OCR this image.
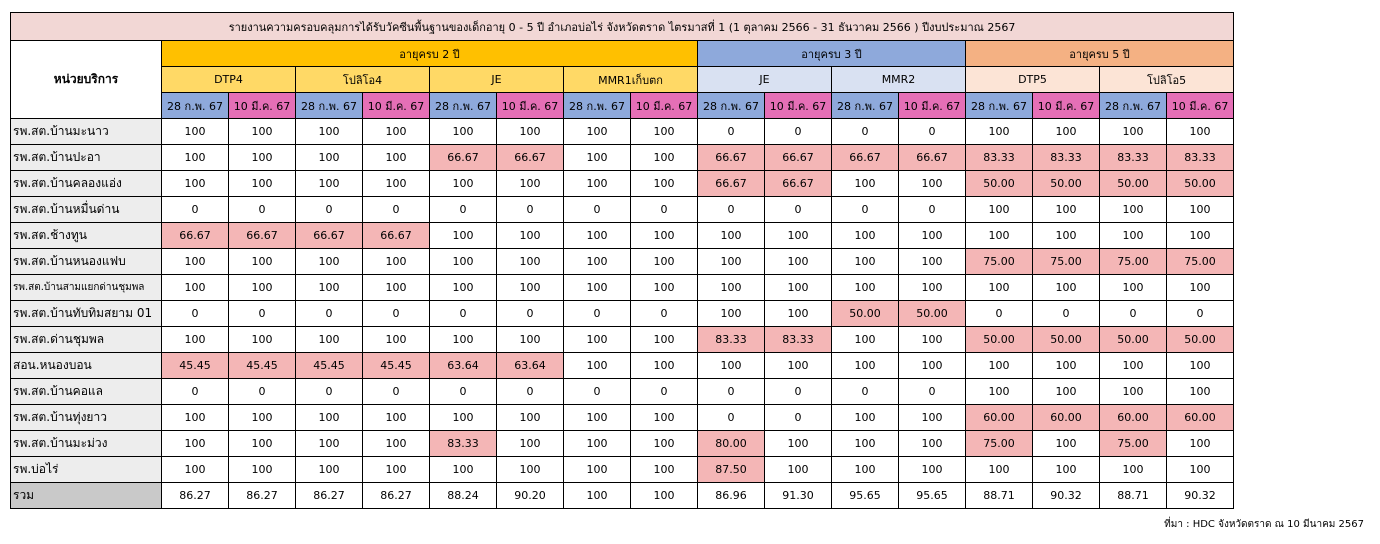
รายงานความครอบคลุมการได้รับวัคซีนพื้นฐานของเด็กอายุ 0 - 5 ปี อำเภอบ่อไร่ จังหวัดตราด ไตรมาสที่ 1 (1 ตุลาคม 2566 - 31 ธันวาคม 2566 ) ปีงบประมาณ 2567																
หน่วยบริการ	อายุครบ 2 ปี								อายุครบ 3 ปี				อายุครบ 5 ปี			
	DTP4		โปลิโอ4		JE		MMR1เก็บตก		JE		MMR2		DTP5		โปลิโอ5	
	28 ก.พ. 67	10 มี.ค. 67	28 ก.พ. 67	10 มี.ค. 67	28 ก.พ. 67	10 มี.ค. 67	28 ก.พ. 67	10 มี.ค. 67	28 ก.พ. 67	10 มี.ค. 67	28 ก.พ. 67	10 มี.ค. 67	28 ก.พ. 67	10 มี.ค. 67	28 ก.พ. 67	10 มี.ค. 67
รพ.สต.บ้านมะนาว	100	100	100	100	100	100	100	100	0	0	0	0	100	100	100	100
รพ.สต.บ้านปะอา	100	100	100	100	66.67	66.67	100	100	66.67	66.67	66.67	66.67	83.33	83.33	83.33	83.33
รพ.สต.บ้านคลองแอ่ง	100	100	100	100	100	100	100	100	66.67	66.67	100	100	50.00	50.00	50.00	50.00
รพ.สต.บ้านหมื่นด่าน	0	0	0	0	0	0	0	0	0	0	0	0	100	100	100	100
รพ.สต.ช้างทูน	66.67	66.67	66.67	66.67	100	100	100	100	100	100	100	100	100	100	100	100
รพ.สต.บ้านหนองแฟบ	100	100	100	100	100	100	100	100	100	100	100	100	75.00	75.00	75.00	75.00
รพ.สต.บ้านสามแยกด่านชุมพล	100	100	100	100	100	100	100	100	100	100	100	100	100	100	100	100
รพ.สต.บ้านทับทิมสยาม 01	0	0	0	0	0	0	0	0	100	100	50.00	50.00	0	0	0	0
รพ.สต.ด่านชุมพล	100	100	100	100	100	100	100	100	83.33	83.33	100	100	50.00	50.00	50.00	50.00
สอน.หนองบอน	45.45	45.45	45.45	45.45	63.64	63.64	100	100	100	100	100	100	100	100	100	100
รพ.สต.บ้านคอแล	0	0	0	0	0	0	0	0	0	0	0	0	100	100	100	100
รพ.สต.บ้านทุ่งยาว	100	100	100	100	100	100	100	100	0	0	100	100	60.00	60.00	60.00	60.00
รพ.สต.บ้านมะม่วง	100	100	100	100	83.33	100	100	100	80.00	100	100	100	75.00	100	75.00	100
รพ.บ่อไร่	100	100	100	100	100	100	100	100	87.50	100	100	100	100	100	100	100
รวม	86.27	86.27	86.27	86.27	88.24	90.20	100	100	86.96	91.30	95.65	95.65	88.71	90.32	88.71	90.32
ที่มา : HDC จังหวัดตราด ณ 10 มีนาคม 2567
